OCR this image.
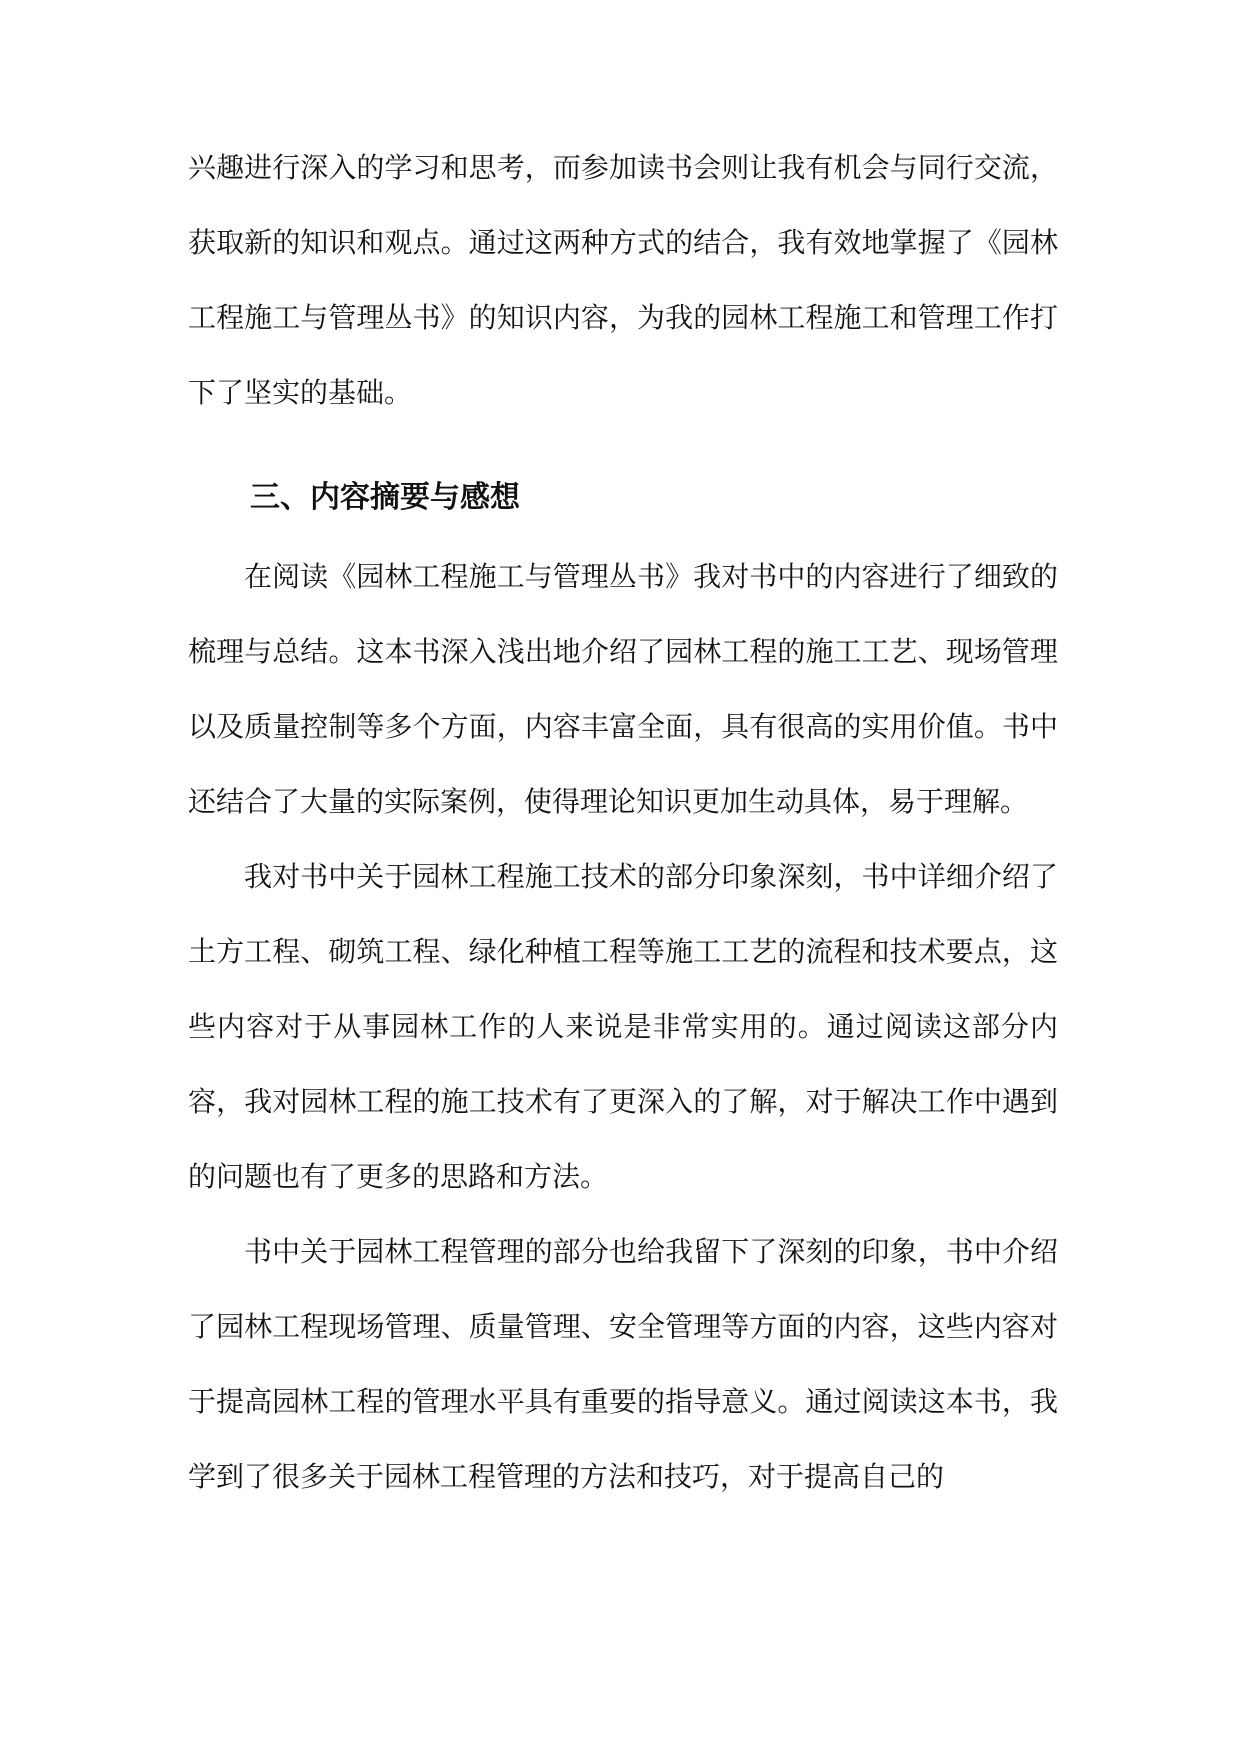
兴趣进行深入的学习和思考，而参加读书会则让我有机会与同行交流，获取新的知识和观点。通过这两种方式的结合，我有效地掌握了《园林工程施工与管理丛书》的知识内容，为我的园林工程施工和管理工作打下了坚实的基础。

三、内容摘要与感想

在阅读《园林工程施工与管理丛书》我对书中的内容进行了细致的梳理与总结。这本书深入浅出地介绍了园林工程的施工工艺、现场管理以及质量控制等多个方面，内容丰富全面，具有很高的实用价值。书中还结合了大量的实际案例，使得理论知识更加生动具体，易于理解。

我对书中关于园林工程施工技术的部分印象深刻，书中详细介绍了土方工程、砌筑工程、绿化种植工程等施工工艺的流程和技术要点，这些内容对于从事园林工作的人来说是非常实用的。通过阅读这部分内容，我对园林工程的施工技术有了更深入的了解，对于解决工作中遇到的问题也有了更多的思路和方法。

书中关于园林工程管理的部分也给我留下了深刻的印象，书中介绍了园林工程现场管理、质量管理、安全管理等方面的内容，这些内容对于提高园林工程的管理水平具有重要的指导意义。通过阅读这本书，我学到了很多关于园林工程管理的方法和技巧，对于提高自己的
